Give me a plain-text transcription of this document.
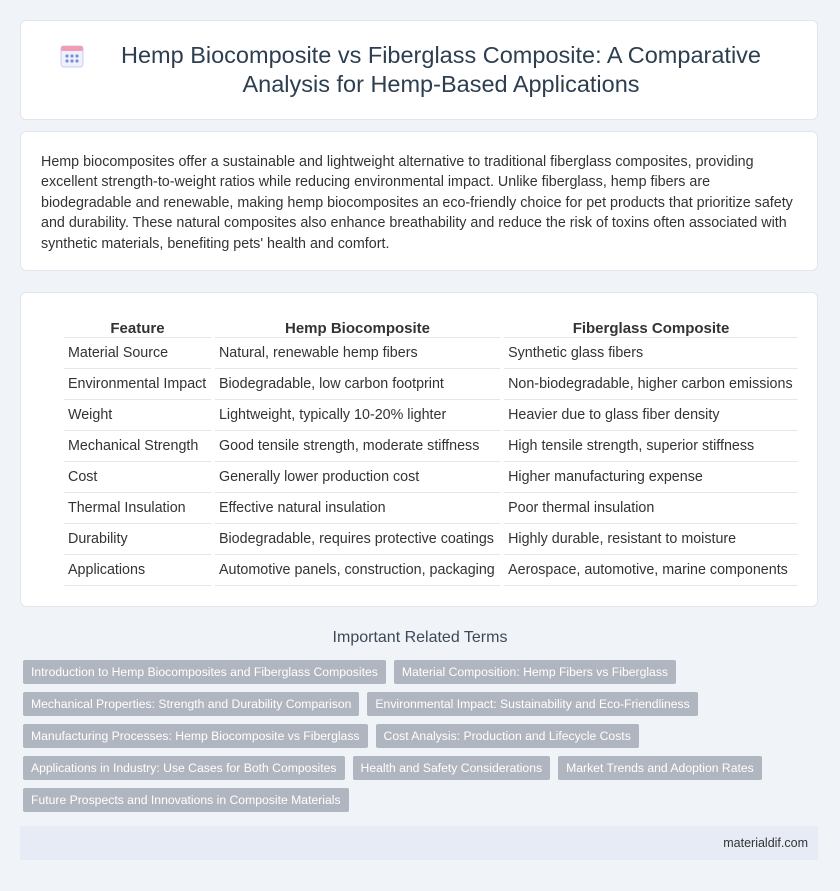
Hemp Biocomposite vs Fiberglass Composite: A Comparative Analysis for Hemp-Based Applications

Hemp biocomposites offer a sustainable and lightweight alternative to traditional fiberglass composites, providing excellent strength-to-weight ratios while reducing environmental impact. Unlike fiberglass, hemp fibers are biodegradable and renewable, making hemp biocomposites an eco-friendly choice for pet products that prioritize safety and durability. These natural composites also enhance breathability and reduce the risk of toxins often associated with synthetic materials, benefiting pets' health and comfort.

Feature	Hemp Biocomposite	Fiberglass Composite
Material Source	Natural, renewable hemp fibers	Synthetic glass fibers
Environmental Impact	Biodegradable, low carbon footprint	Non-biodegradable, higher carbon emissions
Weight	Lightweight, typically 10-20% lighter	Heavier due to glass fiber density
Mechanical Strength	Good tensile strength, moderate stiffness	High tensile strength, superior stiffness
Cost	Generally lower production cost	Higher manufacturing expense
Thermal Insulation	Effective natural insulation	Poor thermal insulation
Durability	Biodegradable, requires protective coatings	Highly durable, resistant to moisture
Applications	Automotive panels, construction, packaging	Aerospace, automotive, marine components
Important Related Terms
Introduction to Hemp Biocomposites and Fiberglass Composites	Material Composition: Hemp Fibers vs Fiberglass
Mechanical Properties: Strength and Durability Comparison	Environmental Impact: Sustainability and Eco-Friendliness
Manufacturing Processes: Hemp Biocomposite vs Fiberglass	Cost Analysis: Production and Lifecycle Costs
Applications in Industry: Use Cases for Both Composites	Health and Safety Considerations	Market Trends and Adoption Rates
Future Prospects and Innovations in Composite Materials
materialdif.com
